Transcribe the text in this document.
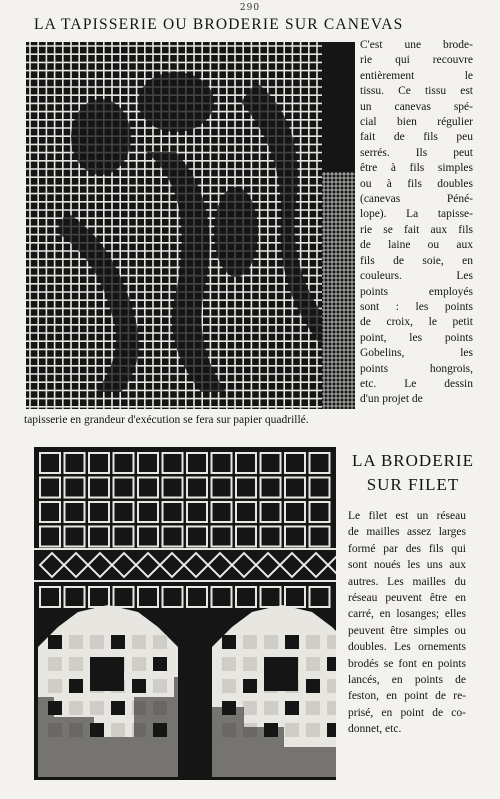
290
LA TAPISSERIE OU BRODERIE SUR CANEVAS
C'est une brode-
rie qui recouvre
entièrement le
tissu. Ce tissu est
un canevas spé-
cial bien régulier
fait de fils peu
serrés. Ils peut
être à fils simples
ou à fils doubles
(canevas Péné-
lope). La tapisse-
rie se fait aux fils
de laine ou aux
fils de soie, en
couleurs. Les
points employés
sont : les points
de croix, le petit
point, les points
Gobelins, les
points hongrois,
etc. Le dessin
d'un projet de
tapisserie en grandeur d'exécution se fera sur papier quadrillé.
LA BRODERIE
SUR FILET
Le filet est un réseau
de mailles assez larges
formé par des fils qui
sont noués les uns aux
autres. Les mailles du
réseau peuvent être en
carré, en losanges; elles
peuvent être simples ou
doubles. Les ornements
brodés se font en points
lancés, en points de
feston, en point de re-
prisé, en point de co-
donnet, etc.
